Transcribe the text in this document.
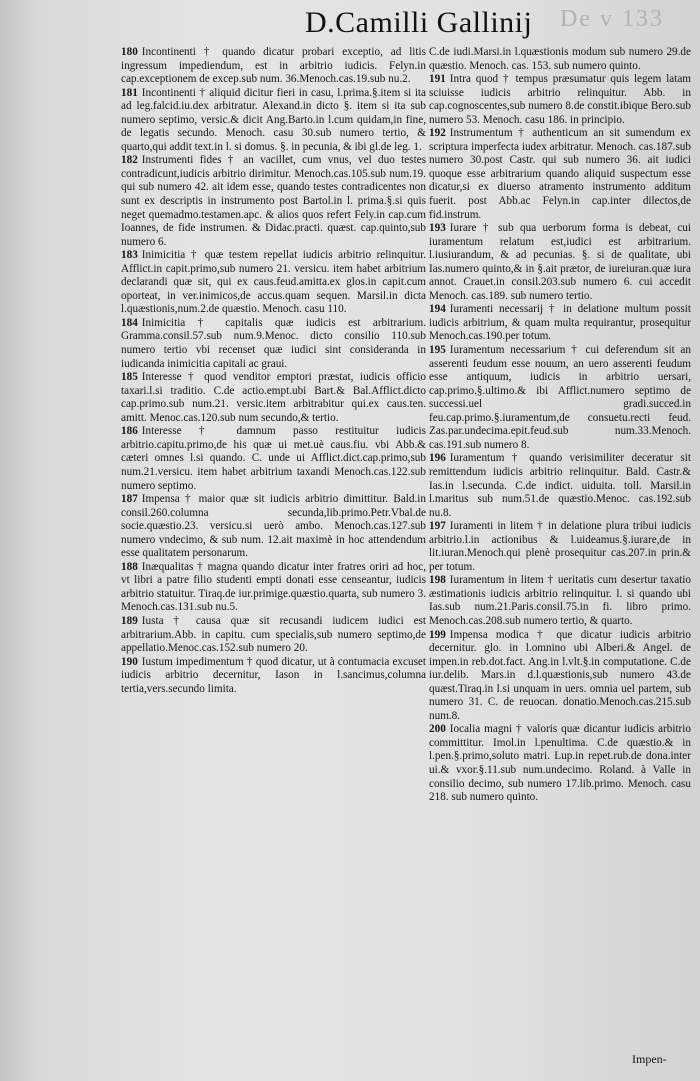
De v 133
D.Camilli Gallinij

180 Incontinenti † quando dicatur probari exceptio, ad litis ingressum impediendum, est in arbitrio iudicis. Felyn.in cap.exceptionem de excep.sub num. 36.Menoch.cas.19.sub nu.2.

181 Incontinenti † aliquid dicitur fieri in casu, l.prima.§.item si ita ad leg.falcid.iu.dex arbitratur. Alexand.in dicto §. item si ita sub numero septimo, versic.& dicit Ang.Barto.in l.cum quidam,in fine, de legatis secundo. Menoch. casu 30.sub numero tertio, & quarto,qui addit text.in l. si domus. §. in pecunia, & ibi gl.de leg. 1.

182 Instrumenti fides † an vacillet, cum vnus, vel duo testes contradicunt,iudicis arbitrio dirimitur. Menoch.cas.105.sub num.19. qui sub numero 42. ait idem esse, quando testes contradicentes non sunt ex descriptis in instrumento post Bartol.in l. prima.§.si quis neget quemadmo.testamen.apc. & alios quos refert Fely.in cap.cum Ioannes, de fide instrumen. & Didac.practi. quæst. cap.quinto,sub numero 6.

183 Inimicitia † quæ testem repellat iudicis arbitrio relinquitur. Afflict.in capit.primo,sub numero 21. versicu. item habet arbitrium declarandi quæ sit, qui ex caus.feud.amitta.ex glos.in capit.cum oporteat, in ver.inimicos,de accus.quam sequen. Marsil.in dicta l.quæstionis,num.2.de quæstio. Menoch. casu 110.

184 Inimicitia † capitalis quæ iudicis est arbitrarium. Gramma.consil.57.sub num.9.Menoc. dicto consilio 110.sub numero tertio vbi recenset quæ iudici sint consideranda in iudicanda inimicitia capitali ac graui.

185 Interesse † quod venditor emptori præstat, iudicis officio taxari.l.si traditio. C.de actio.empt.ubi Bart.& Bal.Afflict.dicto cap.primo.sub num.21. versic.item arbitrabitur qui.ex caus.ten. amitt. Menoc.cas.120.sub num secundo,& tertio.

186 Interesse † damnum passo restituitur iudicis arbitrio.capitu.primo,de his quæ ui met.uè caus.fiu. vbi Abb.& cæteri omnes l.si quando. C. unde ui Afflict.dict.cap.primo,sub num.21.versicu. item habet arbitrium taxandi Menoch.cas.122.sub numero septimo.

187 Impensa † maior quæ sit iudicis arbitrio dimittitur. Bald.in consil.260.columna secunda,lib.primo.Petr.Vbal.de socie.quæstio.23. versicu.si uerò ambo. Menoch.cas.127.sub numero vndecimo, & sub num. 12.ait maximè in hoc attendendum esse qualitatem personarum.

188 Inæqualitas † magna quando dicatur inter fratres oriri ad hoc, vt libri a patre filio studenti empti donati esse censeantur, iudicis arbitrio statuitur. Tiraq.de iur.primige.quæstio.quarta, sub numero 3. Menoch.cas.131.sub nu.5.

189 Iusta † causa quæ sit recusandi iudicem iudici est arbitrarium.Abb. in capitu. cum specialis,sub numero septimo,de appellatio.Menoc.cas.152.sub numero 20.

190 Iustum impedimentum † quod dicatur, ut à contumacia excuset iudicis arbitrio decernitur, Iason in l.sancimus,columna tertia,vers.secundo limita.

C.de iudi.Marsi.in l.quæstionis modum sub numero 29.de quæstio. Menoch. cas. 153. sub numero quinto.

191 Intra quod † tempus præsumatur quis legem latam sciuisse iudicis arbitrio relinquitur. Abb. in cap.cognoscentes,sub numero 8.de constit.ibique Bero.sub numero 53. Menoch. casu 186. in principio.

192 Instrumentum † authenticum an sit sumendum ex scriptura imperfecta iudex arbitratur. Menoch. cas.187.sub numero 30.post Castr. qui sub numero 36. ait iudici quoque esse arbitrarium quando aliquid suspectum esse dicatur,si ex diuerso atramento instrumento additum fuerit. post Abb.ac Felyn.in cap.inter dilectos,de fid.instrum.

193 Iurare † sub qua uerborum forma is debeat, cui iuramentum relatum est,iudici est arbitrarium. l.iusiurandum, & ad pecunias. §. si de qualitate, ubi Ias.numero quinto,& in §.ait prætor, de iureiuran.quæ iura annot. Crauet.in consil.203.sub numero 6. cui accedit Menoch. cas.189. sub numero tertio.

194 Iuramenti necessarij † in delatione multum possit iudicis arbitrium, & quam multa requirantur, prosequitur Menoch.cas.190.per totum.

195 Iuramentum necessarium † cui deferendum sit an asserenti feudum esse nouum, an uero asserenti feudum esse antiquum, iudicis in arbitrio uersari, cap.primo.§.ultimo.& ibi Afflict.numero septimo de successi.uel gradi.succed.in feu.cap.primo.§.iuramentum,de consuetu.recti feud. Zas.par.undecima.epit.feud.sub num.33.Menoch. cas.191.sub numero 8.

196 Iuramentum † quando verisimiliter deceratur sit remittendum iudicis arbitrio relinquitur. Bald. Castr.& Ias.in l.secunda. C.de indict. uiduita. toll. Marsil.in l.maritus sub num.51.de quæstio.Menoc. cas.192.sub nu.8.

197 Iuramenti in litem † in delatione plura tribui iudicis arbitrio.l.in actionibus & l.uideamus.§.iurare,de in lit.iuran.Menoch.qui plenè prosequitur cas.207.in prin.& per totum.

198 Iuramentum in litem † ueritatis cum desertur taxatio æstimationis iudicis arbitrio relinquitur. l. si quando ubi Ias.sub num.21.Paris.consil.75.in fi. libro primo. Menoch.cas.208.sub numero tertio, & quarto.

199 Impensa modica † que dicatur iudicis arbitrio decernitur. glo. in l.omnino ubi Alberi.& Angel. de impen.in reb.dot.fact. Ang.in l.vlt.§.in computatione. C.de iur.delib. Mars.in d.l.quæstionis,sub numero 43.de quæst.Tiraq.in l.si unquam in uers. omnia uel partem, sub numero 31. C. de reuocan. donatio.Menoch.cas.215.sub num.8.

200 Iocalia magni † valoris quæ dicantur iudicis arbitrio committitur. Imol.in l.penultima. C.de quæstio.& in l.pen.§.primo,soluto matri. Lup.in repet.rub.de dona.inter ui.& vxor.§.11.sub num.undecimo. Roland. à Valle in consilio decimo, sub numero 17.lib.primo. Menoch. casu 218. sub numero quinto.

Impen-
